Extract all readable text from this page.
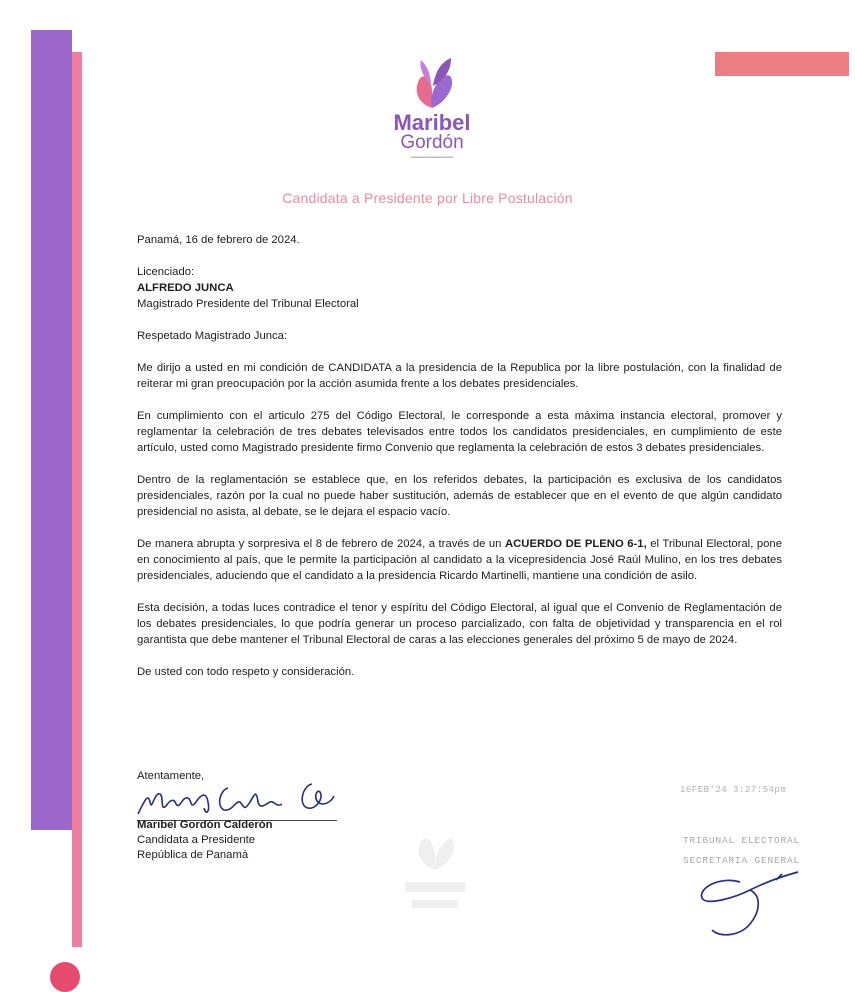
Maribel
Gordón
▬▬▬▬▬▬▬▬
Candidata a Presidente por Libre Postulación

Panamá, 16 de febrero de 2024.

Licenciado:
ALFREDO JUNCA
Magistrado Presidente del Tribunal Electoral

Respetado Magistrado Junca:

Me dirijo a usted en mi condición de CANDIDATA a la presidencia de la Republica por la libre postulación, con la finalidad de reiterar mi gran preocupación por la acción asumida frente a los debates presidenciales.

En cumplimiento con el articulo 275 del Código Electoral, le corresponde a esta máxima instancia electoral, promover y reglamentar la celebración de tres debates televisados entre todos los candidatos presidenciales, en cumplimiento de este artículo, usted como Magistrado presidente firmo Convenio que reglamenta la celebración de estos 3 debates presidenciales.

Dentro de la reglamentación se establece que, en los referidos debates, la participación es exclusiva de los candidatos presidenciales, razón por la cual no puede haber sustitución, además de establecer que en el evento de que algún candidato presidencial no asista, al debate, se le dejara el espacio vacío.

De manera abrupta y sorpresiva el 8 de febrero de 2024, a través de un ACUERDO DE PLENO 6-1, el Tribunal Electoral, pone en conocimiento al país, que le permite la participación al candidato a la vicepresidencia José Raúl Mulino, en los tres debates presidenciales, aduciendo que el candidato a la presidencia Ricardo Martinelli, mantiene una condición de asilo.

Esta decisión, a todas luces contradice el tenor y espíritu del Código Electoral, al igual que el Convenio de Reglamentación de los debates presidenciales, lo que podría generar un proceso parcializado, con falta de objetividad y transparencia en el rol garantista que debe mantener el Tribunal Electoral de caras a las elecciones generales del próximo 5 de mayo de 2024.

De usted con todo respeto y consideración.

Atentamente,
Maribel Gordón Calderón
Candidata a Presidente
República de Panamá
16FEB'24 3:27:54pm
TRIBUNAL ELECTORAL
SECRETARIA GENERAL
